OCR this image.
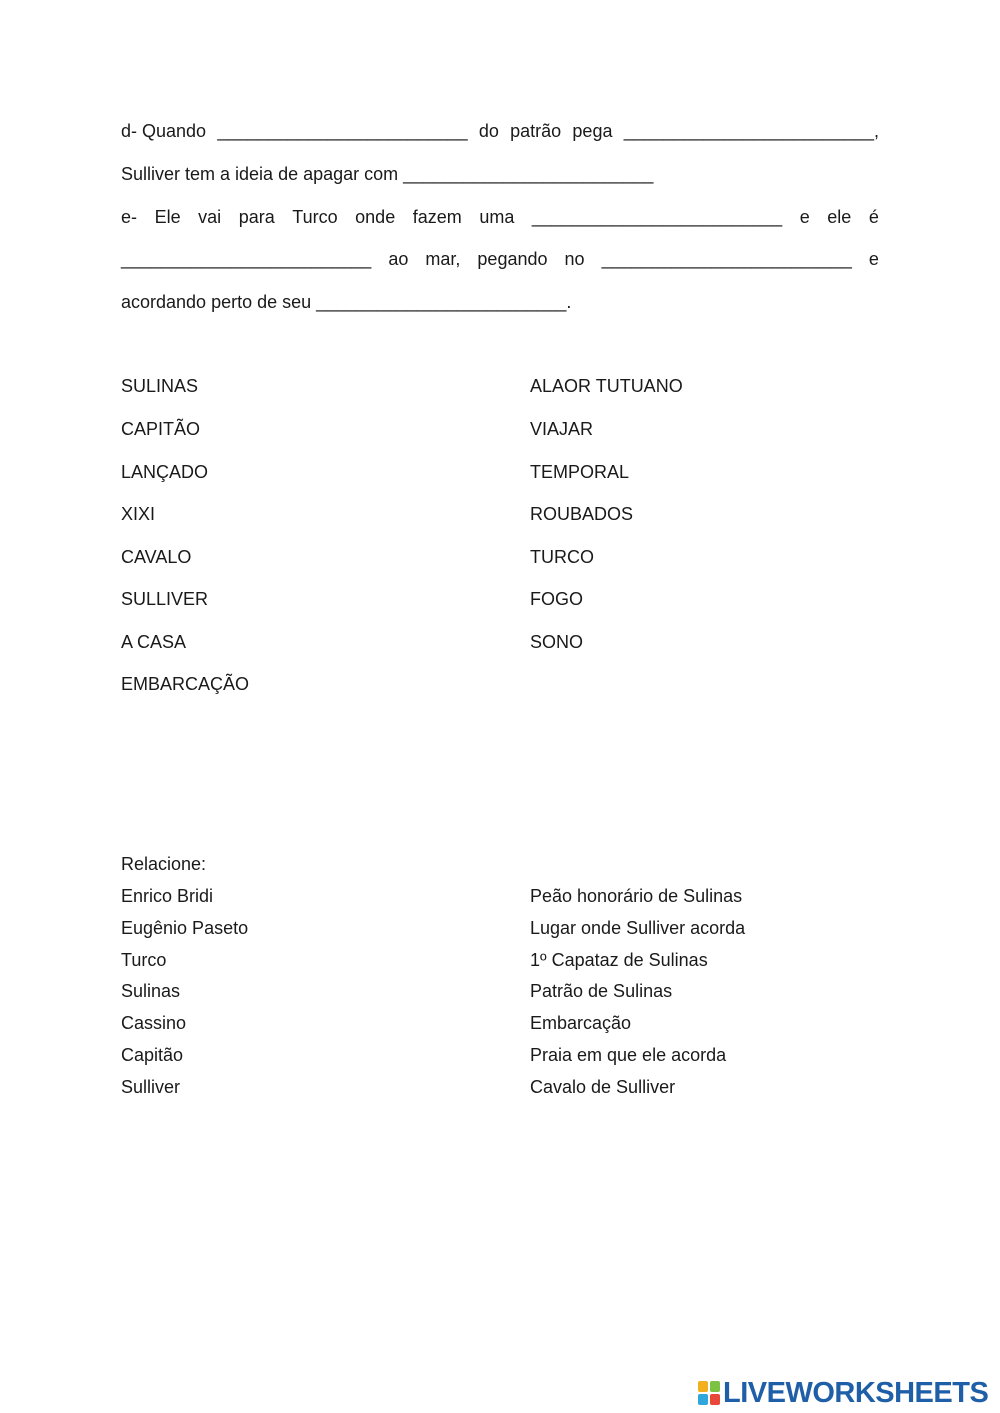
d- Quando _________________________ do patrão pega _________________________,
Sulliver tem a ideia de apagar com _________________________
e- Ele vai para Turco onde fazem uma _________________________ e ele é
_________________________ ao mar, pegando no _________________________ e
acordando perto de seu _________________________.
SULINAS
CAPITÃO
LANÇADO
XIXI
CAVALO
SULLIVER
A CASA
EMBARCAÇÃO
ALAOR TUTUANO
VIAJAR
TEMPORAL
ROUBADOS
TURCO
FOGO
SONO
Relacione:
Enrico Bridi
Eugênio Paseto
Turco
Sulinas
Cassino
Capitão
Sulliver
Peão honorário de Sulinas
Lugar onde Sulliver acorda
1º Capataz de Sulinas
Patrão de Sulinas
Embarcação
Praia em que ele acorda
Cavalo de Sulliver
LIVEWORKSHEETS
